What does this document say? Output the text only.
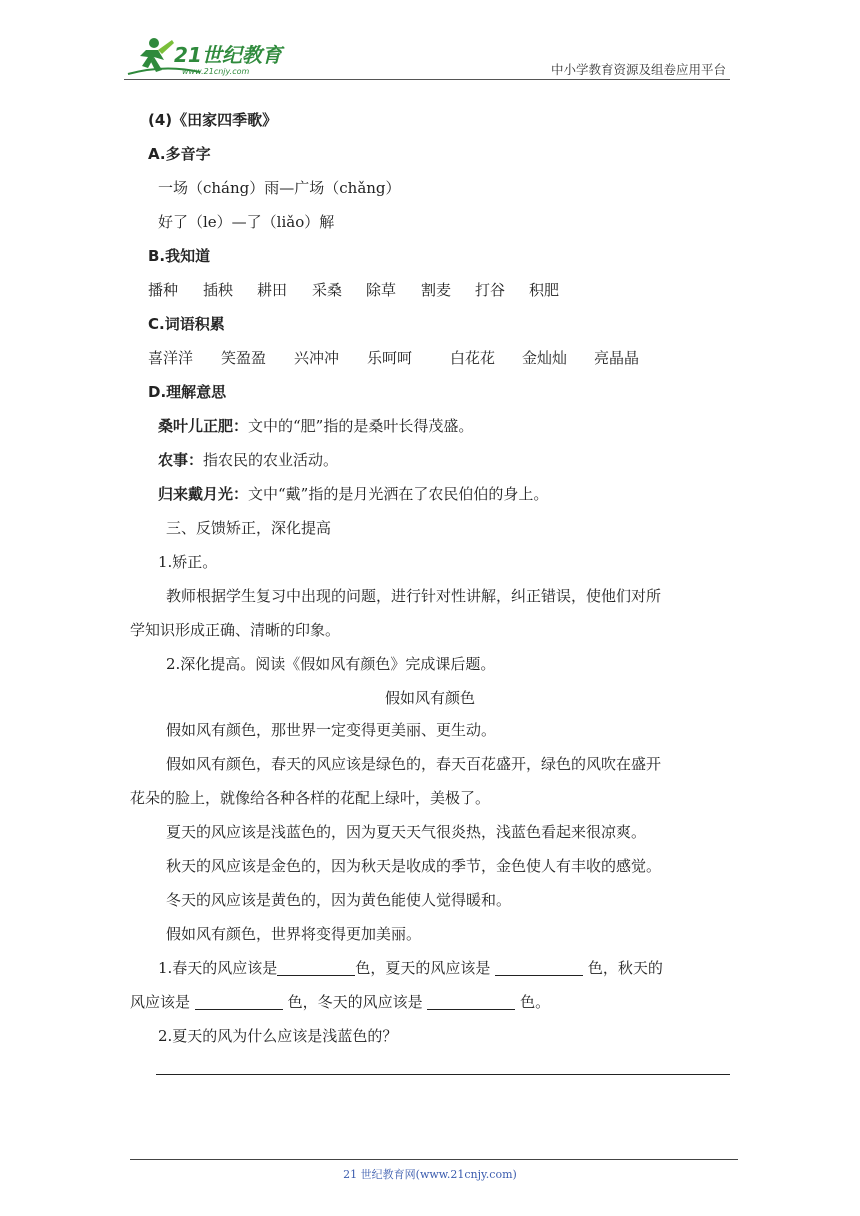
21世纪教育
www.21cnjy.com	中小学教育资源及组卷应用平台
(4)《田家四季歌》
A.多音字
一场（cháng）雨—广场（chǎng）
好了（le）—了（liǎo）解
B.我知道
播种 插秧 耕田 采桑 除草 割麦 打谷 积肥
C.词语积累
喜洋洋 笑盈盈 兴冲冲 乐呵呵	白花花 金灿灿 亮晶晶
D.理解意思
桑叶儿正肥：文中的“肥”指的是桑叶长得茂盛。
农事：指农民的农业活动。
归来戴月光：文中“戴”指的是月光洒在了农民伯伯的身上。
三、反馈矫正，深化提高
1.矫正。
教师根据学生复习中出现的问题，进行针对性讲解，纠正错误，使他们对所
学知识形成正确、清晰的印象。
2.深化提高。阅读《假如风有颜色》完成课后题。
假如风有颜色
假如风有颜色，那世界一定变得更美丽、更生动。
假如风有颜色，春天的风应该是绿色的，春天百花盛开，绿色的风吹在盛开
花朵的脸上，就像给各种各样的花配上绿叶，美极了。
夏天的风应该是浅蓝色的，因为夏天天气很炎热，浅蓝色看起来很凉爽。
秋天的风应该是金色的，因为秋天是收成的季节，金色使人有丰收的感觉。
冬天的风应该是黄色的，因为黄色能使人觉得暖和。
假如风有颜色，世界将变得更加美丽。
1.春天的风应该是	色，夏天的风应该是	色，秋天的
风应该是	色，冬天的风应该是	色。
2.夏天的风为什么应该是浅蓝色的？
21 世纪教育网(www.21cnjy.com)
